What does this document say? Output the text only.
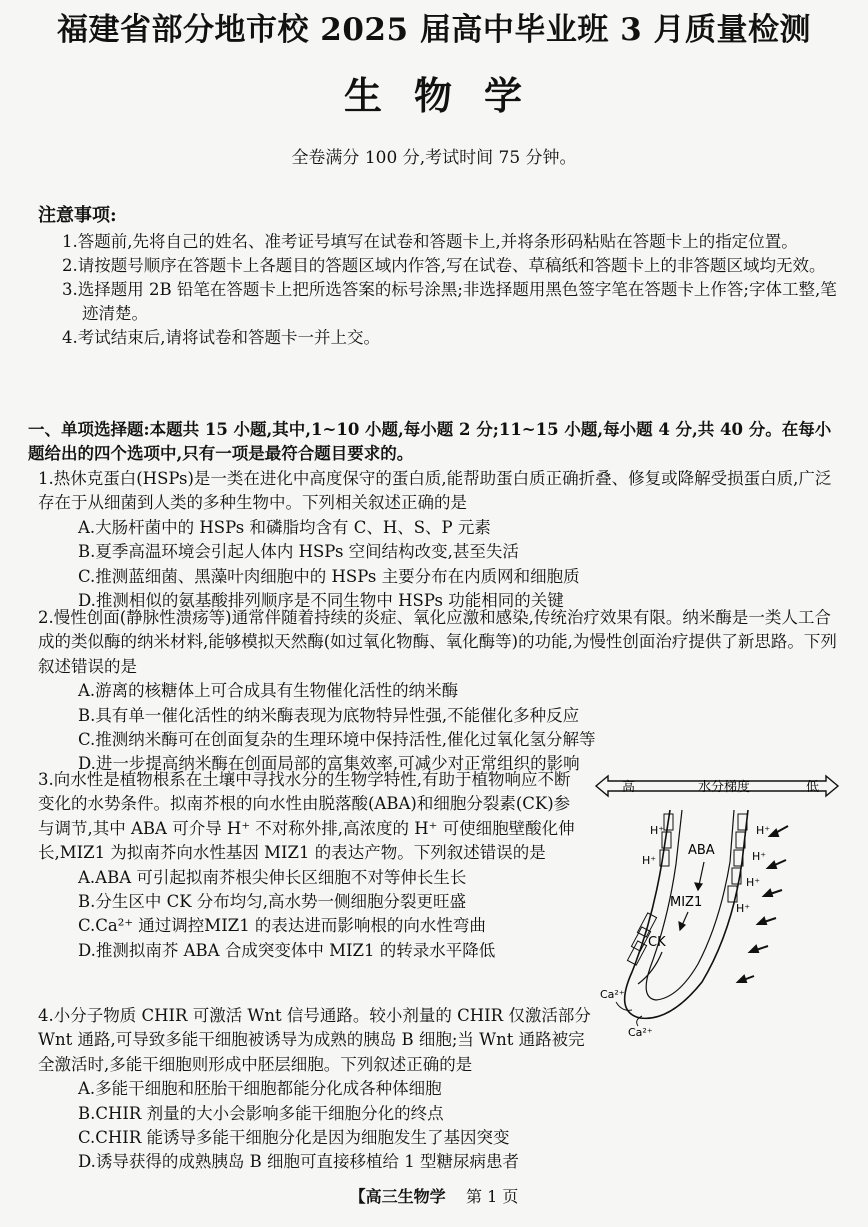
福建省部分地市校 2025 届高中毕业班 3 月质量检测
生物学
全卷满分 100 分,考试时间 75 分钟。
注意事项:
1.答题前,先将自己的姓名、准考证号填写在试卷和答题卡上,并将条形码粘贴在答题卡上的指定位置。
2.请按题号顺序在答题卡上各题目的答题区域内作答,写在试卷、草稿纸和答题卡上的非答题区域均无效。
3.选择题用 2B 铅笔在答题卡上把所选答案的标号涂黑;非选择题用黑色签字笔在答题卡上作答;字体工整,笔迹清楚。
4.考试结束后,请将试卷和答题卡一并上交。
一、单项选择题:本题共 15 小题,其中,1~10 小题,每小题 2 分;11~15 小题,每小题 4 分,共 40 分。在每小题给出的四个选项中,只有一项是最符合题目要求的。
1.热休克蛋白(HSPs)是一类在进化中高度保守的蛋白质,能帮助蛋白质正确折叠、修复或降解受损蛋白质,广泛存在于从细菌到人类的多种生物中。下列相关叙述正确的是
A.大肠杆菌中的 HSPs 和磷脂均含有 C、H、S、P 元素
B.夏季高温环境会引起人体内 HSPs 空间结构改变,甚至失活
C.推测蓝细菌、黑藻叶肉细胞中的 HSPs 主要分布在内质网和细胞质
D.推测相似的氨基酸排列顺序是不同生物中 HSPs 功能相同的关键
2.慢性创面(静脉性溃疡等)通常伴随着持续的炎症、氧化应激和感染,传统治疗效果有限。纳米酶是一类人工合成的类似酶的纳米材料,能够模拟天然酶(如过氧化物酶、氧化酶等)的功能,为慢性创面治疗提供了新思路。下列叙述错误的是
A.游离的核糖体上可合成具有生物催化活性的纳米酶
B.具有单一催化活性的纳米酶表现为底物特异性强,不能催化多种反应
C.推测纳米酶可在创面复杂的生理环境中保持活性,催化过氧化氢分解等
D.进一步提高纳米酶在创面局部的富集效率,可减少对正常组织的影响
3.向水性是植物根系在土壤中寻找水分的生物学特性,有助于植物响应不断变化的水势条件。拟南芥根的向水性由脱落酸(ABA)和细胞分裂素(CK)参与调节,其中 ABA 可介导 H⁺ 不对称外排,高浓度的 H⁺ 可使细胞壁酸化伸长,MIZ1 为拟南芥向水性基因 MIZ1 的表达产物。下列叙述错误的是
A.ABA 可引起拟南芥根尖伸长区细胞不对等伸长生长
B.分生区中 CK 分布均匀,高水势一侧细胞分裂更旺盛
C.Ca²⁺ 通过调控MIZ1 的表达进而影响根的向水性弯曲
D.推测拟南芥 ABA 合成突变体中 MIZ1 的转录水平降低
高	水分梯度	低
H⁺
H⁺
H⁺
H⁺
H⁺
H⁺
ABA
MIZ1
CK
Ca²⁺
Ca²⁺
4.小分子物质 CHIR 可激活 Wnt 信号通路。较小剂量的 CHIR 仅激活部分 Wnt 通路,可导致多能干细胞被诱导为成熟的胰岛 B 细胞;当 Wnt 通路被完全激活时,多能干细胞则形成中胚层细胞。下列叙述正确的是
A.多能干细胞和胚胎干细胞都能分化成各种体细胞
B.CHIR 剂量的大小会影响多能干细胞分化的终点
C.CHIR 能诱导多能干细胞分化是因为细胞发生了基因突变
D.诱导获得的成熟胰岛 B 细胞可直接移植给 1 型糖尿病患者
【高三生物学 第 1 页
